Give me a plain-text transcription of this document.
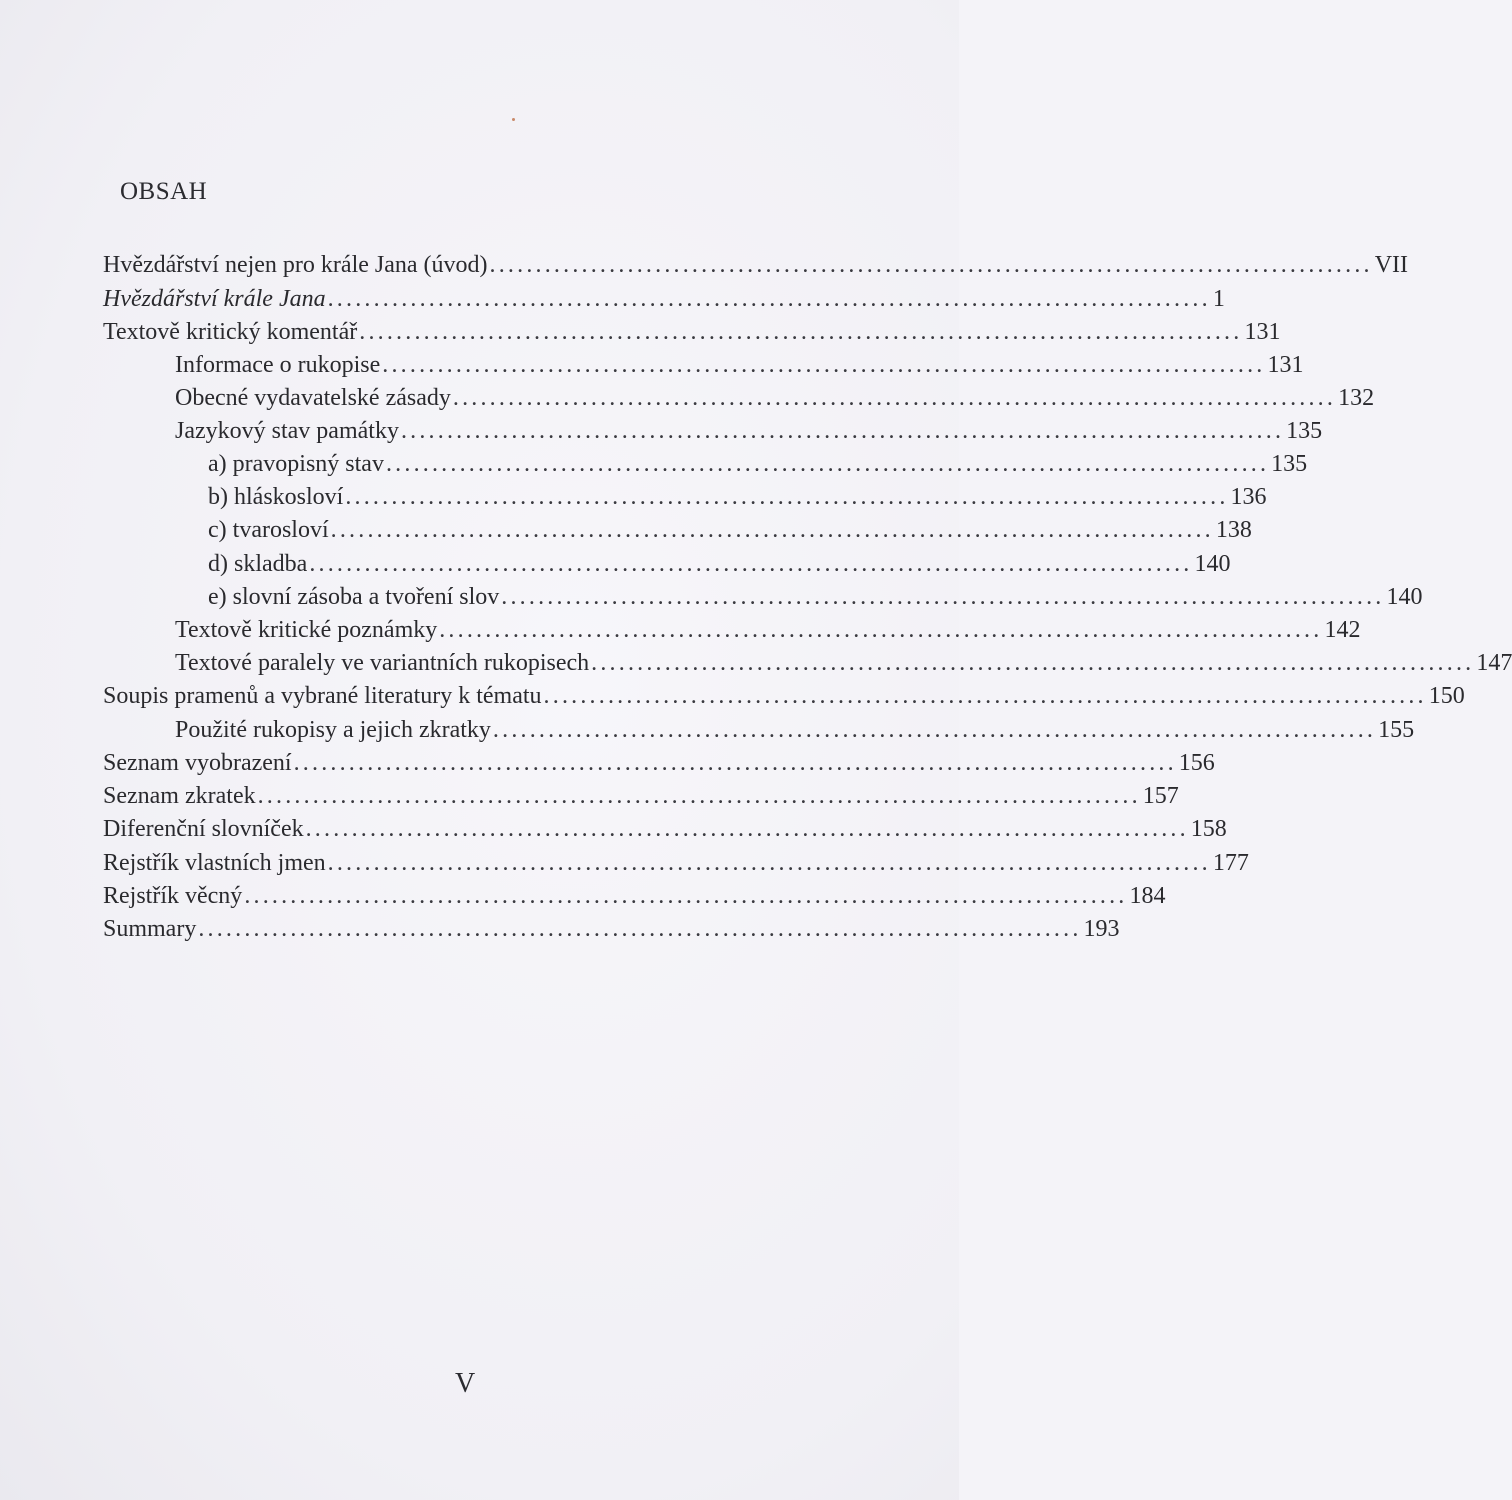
OBSAH
Hvězdářství nejen pro krále Jana (úvod) ................................................................................................ VII
Hvězdářství krále Jana ................................................................................................ 1
Textově kritický komentář ................................................................................................ 131
Informace o rukopise ................................................................................................ 131
Obecné vydavatelské zásady ................................................................................................ 132
Jazykový stav památky ................................................................................................ 135
a) pravopisný stav ................................................................................................ 135
b) hláskosloví ................................................................................................ 136
c) tvarosloví ................................................................................................ 138
d) skladba ................................................................................................ 140
e) slovní zásoba a tvoření slov ................................................................................................ 140
Textově kritické poznámky ................................................................................................ 142
Textové paralely ve variantních rukopisech ................................................................................................ 147
Soupis pramenů a vybrané literatury k tématu ................................................................................................ 150
Použité rukopisy a jejich zkratky ................................................................................................ 155
Seznam vyobrazení ................................................................................................ 156
Seznam zkratek ................................................................................................ 157
Diferenční slovníček ................................................................................................ 158
Rejstřík vlastních jmen ................................................................................................ 177
Rejstřík věcný ................................................................................................ 184
Summary ................................................................................................ 193
V
